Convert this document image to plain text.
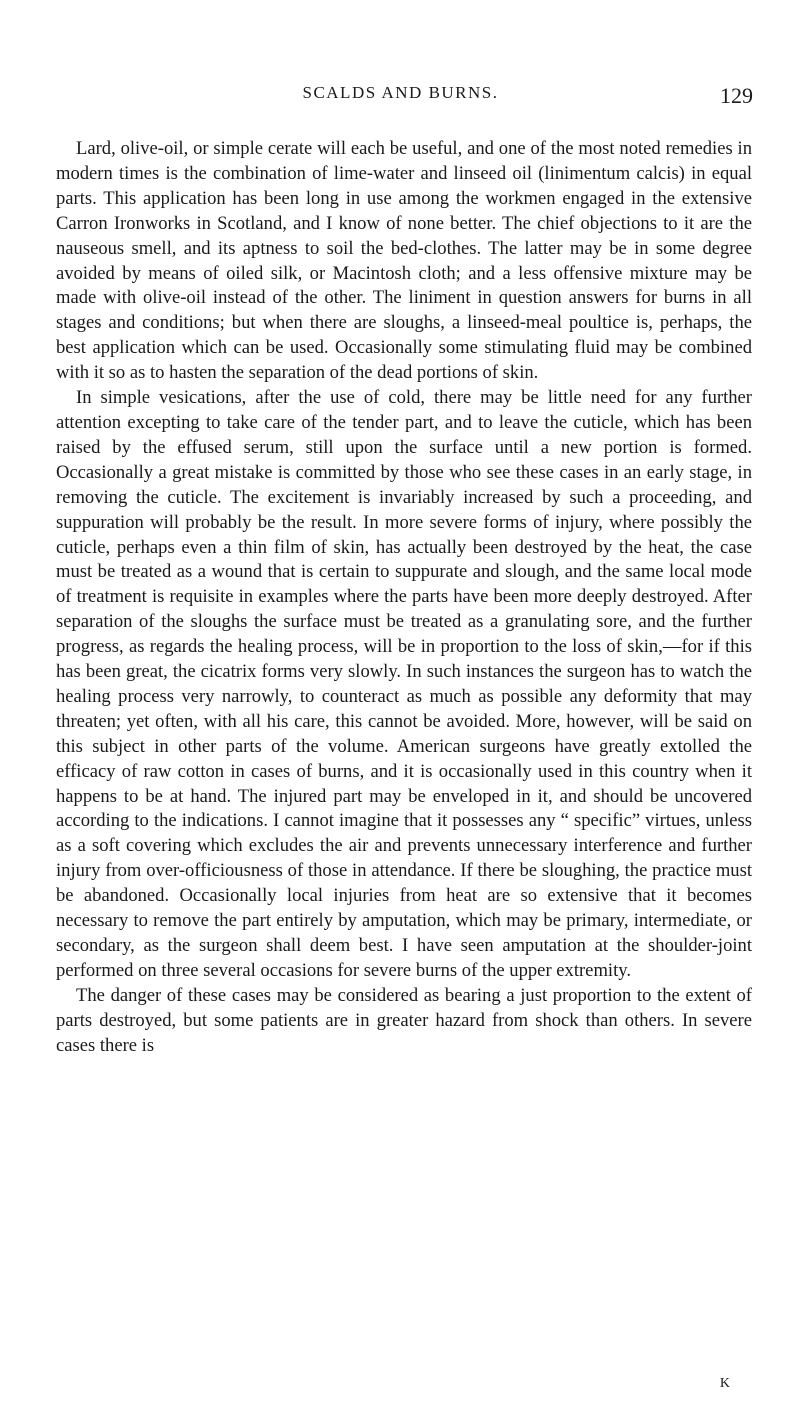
SCALDS AND BURNS.	129

Lard, olive-oil, or simple cerate will each be useful, and one of the most noted remedies in modern times is the combination of lime-water and linseed oil (linimentum calcis) in equal parts. This application has been long in use among the workmen engaged in the extensive Carron Ironworks in Scotland, and I know of none better. The chief objections to it are the nauseous smell, and its aptness to soil the bed-clothes. The latter may be in some degree avoided by means of oiled silk, or Macintosh cloth; and a less offensive mixture may be made with olive-oil instead of the other. The liniment in question answers for burns in all stages and conditions; but when there are sloughs, a linseed-meal poultice is, perhaps, the best application which can be used. Occasionally some stimulating fluid may be combined with it so as to hasten the separation of the dead portions of skin.

In simple vesications, after the use of cold, there may be little need for any further attention excepting to take care of the tender part, and to leave the cuticle, which has been raised by the effused serum, still upon the surface until a new portion is formed. Occasionally a great mistake is committed by those who see these cases in an early stage, in removing the cuticle. The excitement is invariably increased by such a proceeding, and suppuration will probably be the result. In more severe forms of injury, where possibly the cuticle, perhaps even a thin film of skin, has actually been destroyed by the heat, the case must be treated as a wound that is certain to suppurate and slough, and the same local mode of treatment is requisite in examples where the parts have been more deeply destroyed. After separation of the sloughs the surface must be treated as a granulating sore, and the further progress, as regards the healing process, will be in proportion to the loss of skin,—for if this has been great, the cicatrix forms very slowly. In such instances the surgeon has to watch the healing process very narrowly, to counteract as much as possible any deformity that may threaten; yet often, with all his care, this cannot be avoided. More, however, will be said on this subject in other parts of the volume. American surgeons have greatly extolled the efficacy of raw cotton in cases of burns, and it is occasionally used in this country when it happens to be at hand. The injured part may be enveloped in it, and should be uncovered according to the indications. I cannot imagine that it possesses any “ specific” virtues, unless as a soft covering which excludes the air and prevents unnecessary interference and further injury from over-officiousness of those in attendance. If there be sloughing, the practice must be abandoned. Occasionally local injuries from heat are so extensive that it becomes necessary to remove the part entirely by amputation, which may be primary, intermediate, or secondary, as the surgeon shall deem best. I have seen amputation at the shoulder-joint performed on three several occasions for severe burns of the upper extremity.

The danger of these cases may be considered as bearing a just proportion to the extent of parts destroyed, but some patients are in greater hazard from shock than others. In severe cases there is

K
